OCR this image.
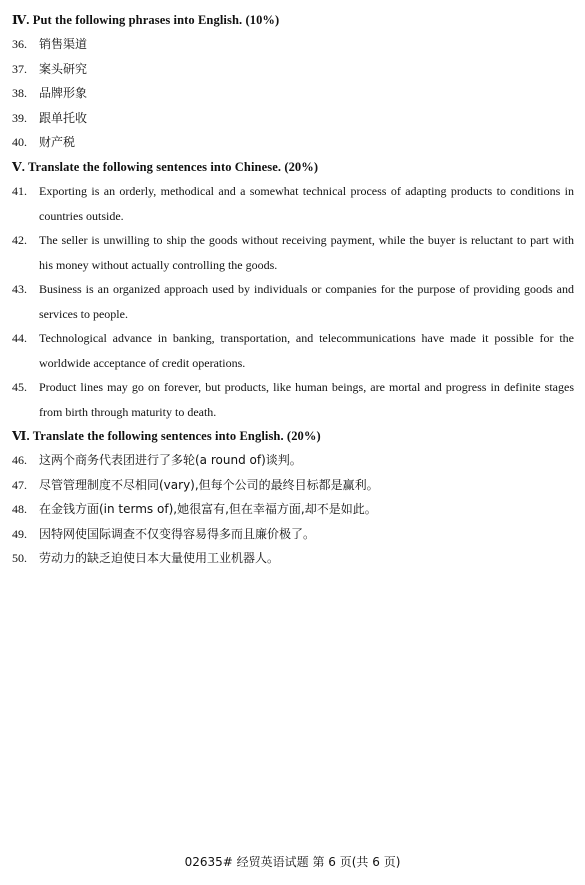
Ⅳ. Put the following phrases into English. (10%)
36.	销售渠道
37.	案头研究
38.	品牌形象
39.	跟单托收
40.	财产税
Ⅴ. Translate the following sentences into Chinese. (20%)
41.	Exporting is an orderly, methodical and a somewhat technical process of adapting products to conditions in countries outside.
42.	The seller is unwilling to ship the goods without receiving payment, while the buyer is reluctant to part with his money without actually controlling the goods.
43.	Business is an organized approach used by individuals or companies for the purpose of providing goods and services to people.
44.	Technological advance in banking, transportation, and telecommunications have made it possible for the worldwide acceptance of credit operations.
45.	Product lines may go on forever, but products, like human beings, are mortal and progress in definite stages from birth through maturity to death.
Ⅵ. Translate the following sentences into English. (20%)
46.	这两个商务代表团进行了多轮(a round of)谈判。
47.	尽管管理制度不尽相同(vary),但每个公司的最终目标都是赢利。
48.	在金钱方面(in terms of),她很富有,但在幸福方面,却不是如此。
49.	因特网使国际调查不仅变得容易得多而且廉价极了。
50.	劳动力的缺乏迫使日本大量使用工业机器人。
02635# 经贸英语试题 第 6 页(共 6 页)
